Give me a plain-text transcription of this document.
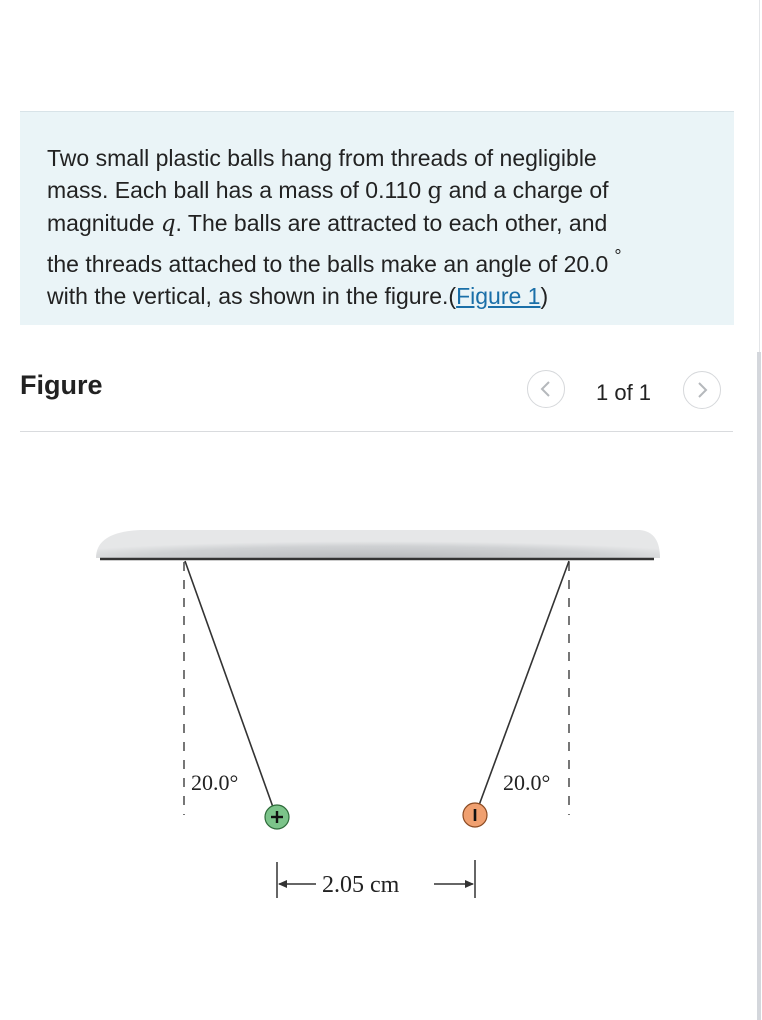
Two small plastic balls hang from threads of negligible
mass. Each ball has a mass of 0.110 g and a charge of
magnitude q. The balls are attracted to each other, and
the threads attached to the balls make an angle of 20.0 °
with the vertical, as shown in the figure.(Figure 1)
Figure	1 of 1
20.0°	20.0°
2.05 cm
